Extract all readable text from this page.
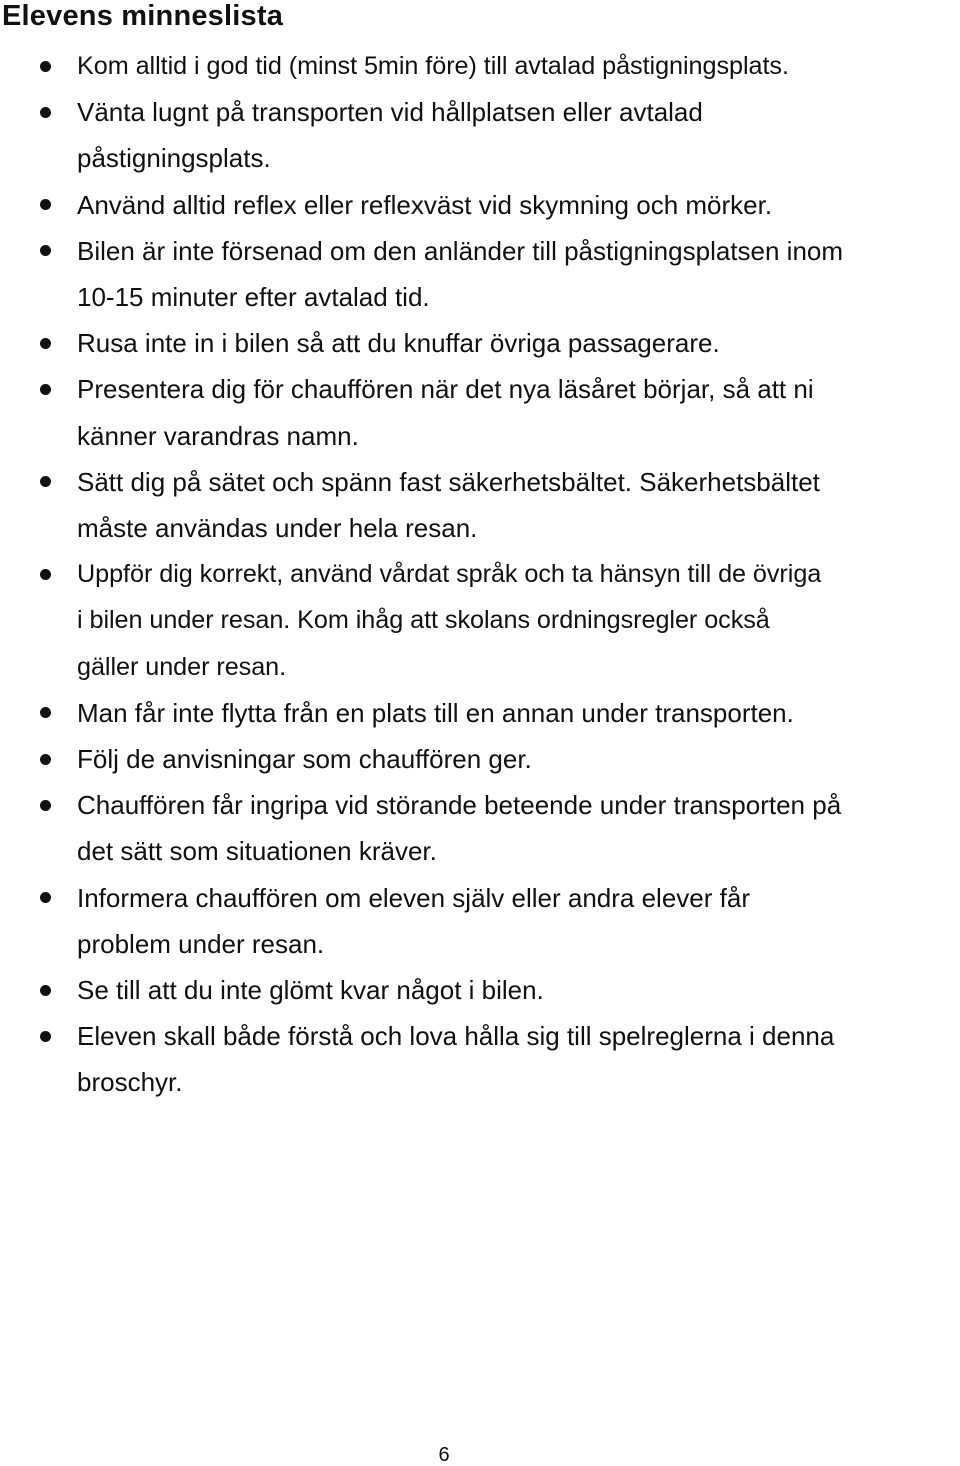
Elevens minneslista
Kom alltid i god tid (minst 5min före) till avtalad påstigningsplats.
Vänta lugnt på transporten vid hållplatsen eller avtalad
påstigningsplats.
Använd alltid reflex eller reflexväst vid skymning och mörker.
Bilen är inte försenad om den anländer till påstigningsplatsen inom
10-15 minuter efter avtalad tid.
Rusa inte in i bilen så att du knuffar övriga passagerare.
Presentera dig för chauffören när det nya läsåret börjar, så att ni
känner varandras namn.
Sätt dig på sätet och spänn fast säkerhetsbältet. Säkerhetsbältet
måste användas under hela resan.
Uppför dig korrekt, använd vårdat språk och ta hänsyn till de övriga
i bilen under resan. Kom ihåg att skolans ordningsregler också
gäller under resan.
Man får inte flytta från en plats till en annan under transporten.
Följ de anvisningar som chauffören ger.
Chauffören får ingripa vid störande beteende under transporten på
det sätt som situationen kräver.
Informera chauffören om eleven själv eller andra elever får
problem under resan.
Se till att du inte glömt kvar något i bilen.
Eleven skall både förstå och lova hålla sig till spelreglerna i denna
broschyr.
6
